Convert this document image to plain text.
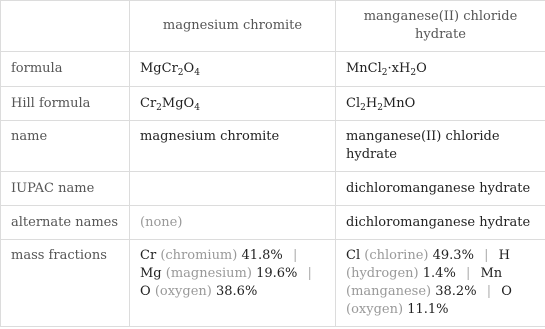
	magnesium chromite	manganese(II) chloride hydrate
formula	$MgCr_2O_4$	$MnCl_2\cdot xH_2O$
Hill formula	$Cr_2MgO_4$	$Cl_2H_2MnO$
name	magnesium chromite	manganese(II) chloride hydrate
IUPAC name		dichloromanganese hydrate
alternate names	(none)	dichloromanganese hydrate
mass fractions	Cr (chromium) 41.8% | Mg (magnesium) 19.6% | O (oxygen) 38.6%	Cl (chlorine) 49.3% | H (hydrogen) 1.4% | Mn (manganese) 38.2% | O (oxygen) 11.1%
